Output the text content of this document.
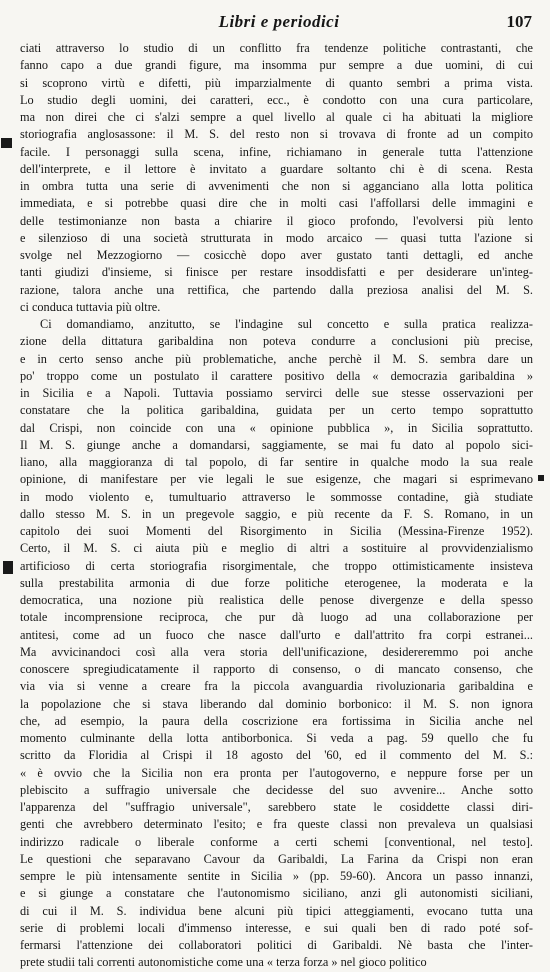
Libri e periodici	107
ciati attraverso lo studio di un conflitto fra tendenze politiche contrastanti, che
fanno capo a due grandi figure, ma insomma pur sempre a due uomini, di cui
si scoprono virtù e difetti, più imparzialmente di quanto sembri a prima vista.
Lo studio degli uomini, dei caratteri, ecc., è condotto con una cura particolare,
ma non direi che ci s'alzi sempre a quel livello al quale ci ha abituati la migliore
storiografia anglosassone: il M. S. del resto non si trovava di fronte ad un compito
facile. I personaggi sulla scena, infine, richiamano in generale tutta l'attenzione
dell'interprete, e il lettore è invitato a guardare soltanto chi è di scena. Resta
in ombra tutta una serie di avvenimenti che non si agganciano alla lotta politica
immediata, e si potrebbe quasi dire che in molti casi l'affollarsi delle immagini e
delle testimonianze non basta a chiarire il gioco profondo, l'evolversi più lento
e silenzioso di una società strutturata in modo arcaico — quasi tutta l'azione si
svolge nel Mezzogiorno — cosicchè dopo aver gustato tanti dettagli, ed anche
tanti giudizi d'insieme, si finisce per restare insoddisfatti e per desiderare un'integ-
razione, talora anche una rettifica, che partendo dalla preziosa analisi del M. S.
ci conduca tuttavia più oltre.
Ci domandiamo, anzitutto, se l'indagine sul concetto e sulla pratica realizza-
zione della dittatura garibaldina non poteva condurre a conclusioni più precise,
e in certo senso anche più problematiche, anche perchè il M. S. sembra dare un
po' troppo come un postulato il carattere positivo della « democrazia garibaldina »
in Sicilia e a Napoli. Tuttavia possiamo servirci delle sue stesse osservazioni per
constatare che la politica garibaldina, guidata per un certo tempo soprattutto
dal Crispi, non coincide con una « opinione pubblica », in Sicilia soprattutto.
Il M. S. giunge anche a domandarsi, saggiamente, se mai fu dato al popolo sici-
liano, alla maggioranza di tal popolo, di far sentire in qualche modo la sua reale
opinione, di manifestare per vie legali le sue esigenze, che magari si esprimevano
in modo violento e, tumultuario attraverso le sommosse contadine, già studiate
dallo stesso M. S. in un pregevole saggio, e più recente da F. S. Romano, in un
capitolo dei suoi Momenti del Risorgimento in Sicilia (Messina-Firenze 1952).
Certo, il M. S. ci aiuta più e meglio di altri a sostituire al provvidenzialismo
artificioso di certa storiografia risorgimentale, che troppo ottimisticamente insisteva
sulla prestabilita armonia di due forze politiche eterogenee, la moderata e la
democratica, una nozione più realistica delle penose divergenze e della spesso
totale incomprensione reciproca, che pur dà luogo ad una collaborazione per
antitesi, come ad un fuoco che nasce dall'urto e dall'attrito fra corpi estranei...
Ma avvicinandoci così alla vera storia dell'unificazione, desidereremmo poi anche
conoscere spregiudicatamente il rapporto di consenso, o di mancato consenso, che
via via si venne a creare fra la piccola avanguardia rivoluzionaria garibaldina e
la popolazione che si stava liberando dal dominio borbonico: il M. S. non ignora
che, ad esempio, la paura della coscrizione era fortissima in Sicilia anche nel
momento culminante della lotta antiborbonica. Si veda a pag. 59 quello che fu
scritto da Floridia al Crispi il 18 agosto del '60, ed il commento del M. S.:
« è ovvio che la Sicilia non era pronta per l'autogoverno, e neppure forse per un
plebiscito a suffragio universale che decidesse del suo avvenire... Anche sotto
l'apparenza del "suffragio universale", sarebbero state le cosiddette classi diri-
genti che avrebbero determinato l'esito; e fra queste classi non prevaleva un qualsiasi
indirizzo radicale o liberale conforme a certi schemi [conventional, nel testo].
Le questioni che separavano Cavour da Garibaldi, La Farina da Crispi non eran
sempre le più intensamente sentite in Sicilia » (pp. 59-60). Ancora un passo innanzi,
e si giunge a constatare che l'autonomismo siciliano, anzi gli autonomisti siciliani,
di cui il M. S. individua bene alcuni più tipici atteggiamenti, evocano tutta una
serie di problemi locali d'immenso interesse, e sui quali ben di rado poté sof-
fermarsi l'attenzione dei collaboratori politici di Garibaldi. Nè basta che l'inter-
prete studii tali correnti autonomistiche come una « terza forza » nel gioco politico
